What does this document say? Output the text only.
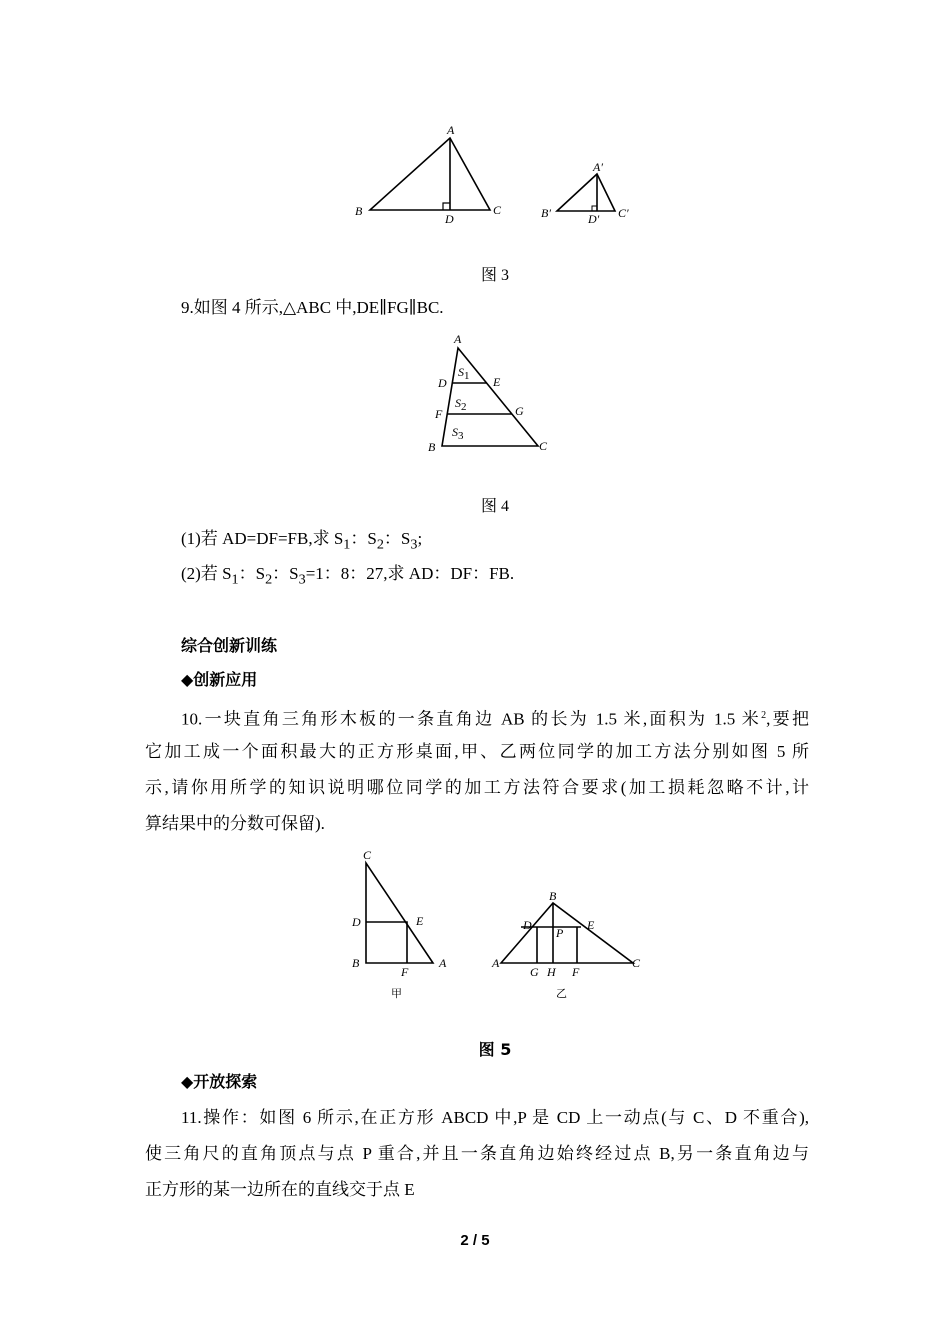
A
B	C
D
A′
B′	C′
D′
图 3
9.如图 4 所示,△ABC 中,DE∥FG∥BC.
A
D	E
F	G
B	C
S1
S2
S3
图 4
(1)若 AD=DF=FB,求 $S_1$：$S_2$：$S_3$;
(2)若 $S_1$：$S_2$：$S_3=1$：8：27,求 AD：DF：FB.
综合创新训练
◆创新应用
10.一块直角三角形木板的一条直角边 AB 的长为 1.5 米,面积为 1.5 米$^2$,要把
它加工成一个面积最大的正方形桌面,甲、乙两位同学的加工方法分别如图 5 所
示,请你用所学的知识说明哪位同学的加工方法符合要求(加工损耗忽略不计,计
算结果中的分数可保留).
C
D	E
B
F
A
甲
B
D	E
P
A
G H F
C
乙
图 5
◆开放探索
11.操作：如图 6 所示,在正方形 ABCD 中,P 是 CD 上一动点(与 C、D 不重合),
使三角尺的直角顶点与点 P 重合,并且一条直角边始终经过点 B,另一条直角边与
正方形的某一边所在的直线交于点 E
2 / 5
